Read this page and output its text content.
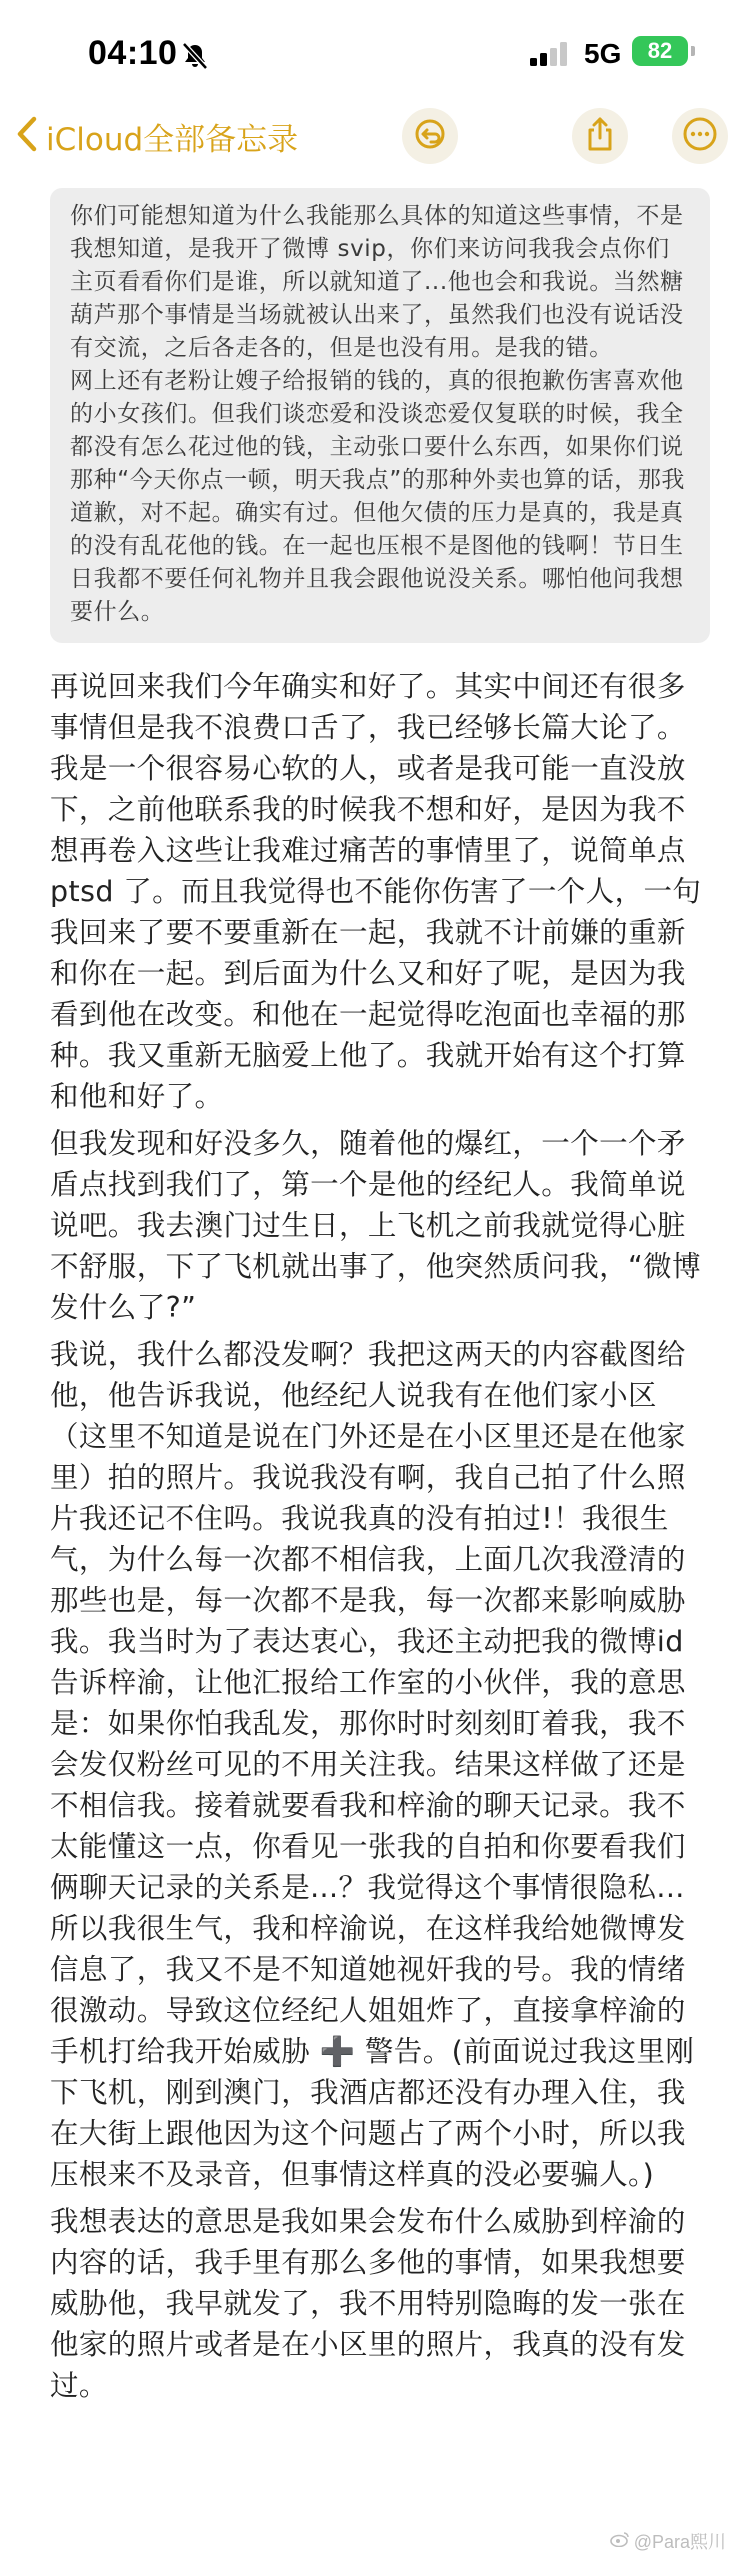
04:10	5G	82
iCloud全部备忘录

你们可能想知道为什么我能那么具体的知道这些事情，不是我想知道，是我开了微博 svip，你们来访问我我会点你们主页看看你们是谁，所以就知道了...他也会和我说。当然糖葫芦那个事情是当场就被认出来了，虽然我们也没有说话没有交流，之后各走各的，但是也没有用。是我的错。

网上还有老粉让嫂子给报销的钱的，真的很抱歉伤害喜欢他的小女孩们。但我们谈恋爱和没谈恋爱仅复联的时候，我全都没有怎么花过他的钱，主动张口要什么东西，如果你们说那种“今天你点一顿，明天我点”的那种外卖也算的话，那我道歉，对不起。确实有过。但他欠债的压力是真的，我是真的没有乱花他的钱。在一起也压根不是图他的钱啊！节日生日我都不要任何礼物并且我会跟他说没关系。哪怕他问我想要什么。

再说回来我们今年确实和好了。其实中间还有很多事情但是我不浪费口舌了，我已经够长篇大论了。我是一个很容易心软的人，或者是我可能一直没放下，之前他联系我的时候我不想和好，是因为我不想再卷入这些让我难过痛苦的事情里了，说简单点 ptsd 了。而且我觉得也不能你伤害了一个人，一句我回来了要不要重新在一起，我就不计前嫌的重新和你在一起。到后面为什么又和好了呢，是因为我看到他在改变。和他在一起觉得吃泡面也幸福的那种。我又重新无脑爱上他了。我就开始有这个打算和他和好了。

但我发现和好没多久，随着他的爆红，一个一个矛盾点找到我们了，第一个是他的经纪人。我简单说说吧。我去澳门过生日，上飞机之前我就觉得心脏不舒服，下了飞机就出事了，他突然质问我，“微博发什么了?”

我说，我什么都没发啊？我把这两天的内容截图给他，他告诉我说，他经纪人说我有在他们家小区（这里不知道是说在门外还是在小区里还是在他家里）拍的照片。我说我没有啊，我自己拍了什么照片我还记不住吗。我说我真的没有拍过!！我很生气，为什么每一次都不相信我，上面几次我澄清的那些也是，每一次都不是我，每一次都来影响威胁我。我当时为了表达衷心，我还主动把我的微博id告诉梓渝，让他汇报给工作室的小伙伴，我的意思是：如果你怕我乱发，那你时时刻刻盯着我，我不会发仅粉丝可见的不用关注我。结果这样做了还是不相信我。接着就要看我和梓渝的聊天记录。我不太能懂这一点，你看见一张我的自拍和你要看我们俩聊天记录的关系是...？我觉得这个事情很隐私...所以我很生气，我和梓渝说，在这样我给她微博发信息了，我又不是不知道她视奸我的号。我的情绪很激动。导致这位经纪人姐姐炸了，直接拿梓渝的手机打给我开始威胁 ➕ 警告。(前面说过我这里刚下飞机，刚到澳门，我酒店都还没有办理入住，我在大街上跟他因为这个问题占了两个小时，所以我压根来不及录音，但事情这样真的没必要骗人。)

我想表达的意思是我如果会发布什么威胁到梓渝的内容的话，我手里有那么多他的事情，如果我想要威胁他，我早就发了，我不用特别隐晦的发一张在他家的照片或者是在小区里的照片，我真的没有发过。

@Para熙川
